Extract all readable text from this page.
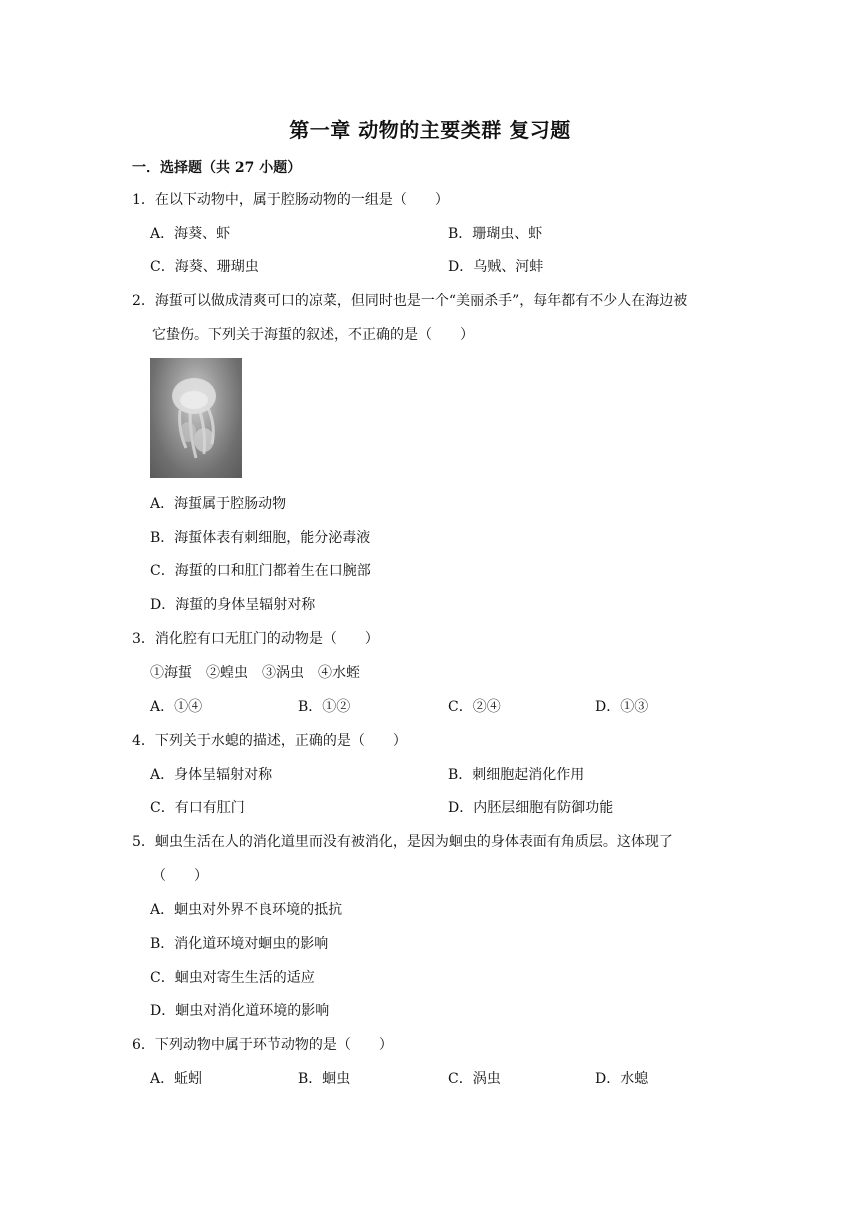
第一章 动物的主要类群 复习题
一．选择题（共 27 小题）
1．在以下动物中，属于腔肠动物的一组是（　　）
A．海葵、虾	B．珊瑚虫、虾
C．海葵、珊瑚虫	D．乌贼、河蚌
2．海蜇可以做成清爽可口的凉菜，但同时也是一个“美丽杀手”，每年都有不少人在海边被
它蛰伤。下列关于海蜇的叙述，不正确的是（　　）
A．海蜇属于腔肠动物
B．海蜇体表有刺细胞，能分泌毒液
C．海蜇的口和肛门都着生在口腕部
D．海蜇的身体呈辐射对称
3．消化腔有口无肛门的动物是（　　）
①海蜇　②蝗虫　③涡虫　④水蛭
A．①④	B．①②	C．②④	D．①③
4．下列关于水螅的描述，正确的是（　　）
A．身体呈辐射对称	B．刺细胞起消化作用
C．有口有肛门	D．内胚层细胞有防御功能
5．蛔虫生活在人的消化道里而没有被消化，是因为蛔虫的身体表面有角质层。这体现了
（　　）
A．蛔虫对外界不良环境的抵抗
B．消化道环境对蛔虫的影响
C．蛔虫对寄生生活的适应
D．蛔虫对消化道环境的影响
6．下列动物中属于环节动物的是（　　）
A．蚯蚓	B．蛔虫	C．涡虫	D．水螅
